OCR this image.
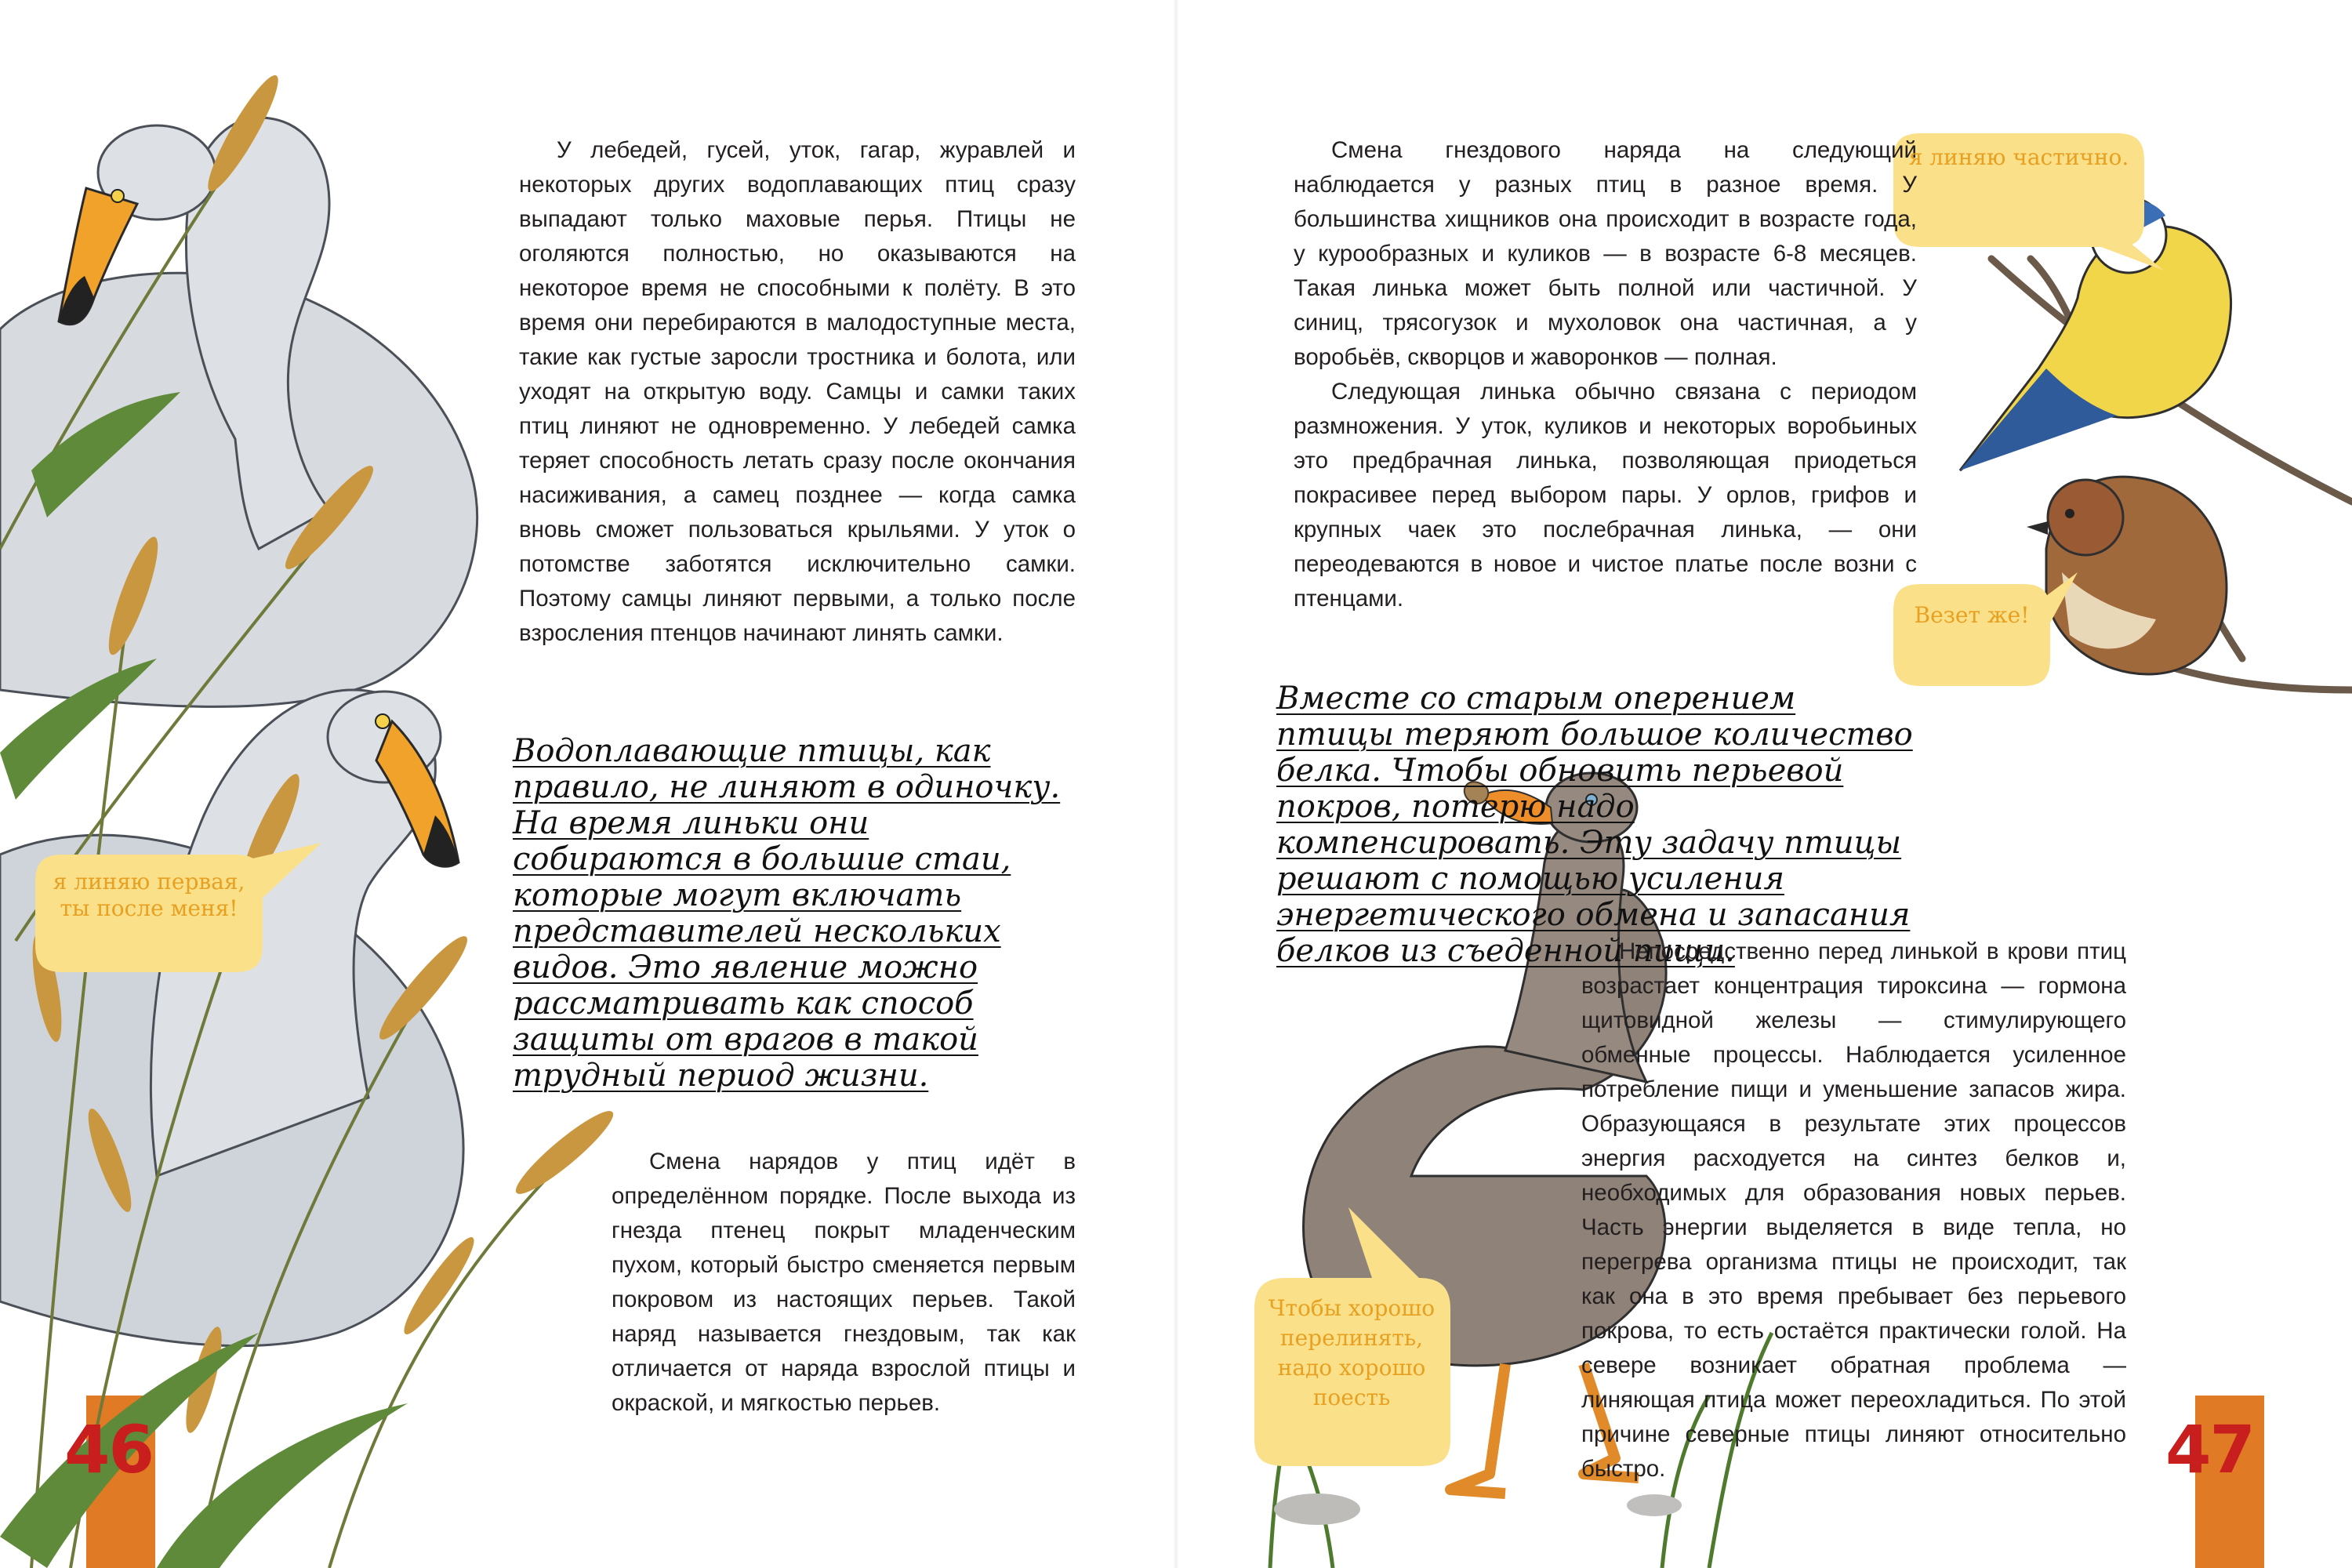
я линяю первая, ты после меня!

У лебедей, гусей, уток, гагар, журавлей и некоторых других водоплавающих птиц сразу выпадают только маховые перья. Птицы не оголяются полностью, но оказываются на некоторое время не способными к полёту. В это время они перебираются в малодоступные места, такие как густые заросли тростника и болота, или уходят на открытую воду. Самцы и самки таких птиц линяют не одновременно. У лебедей самка теряет способность летать сразу после окончания насиживания, а самец позднее — когда самка вновь сможет пользоваться крыльями. У уток о потомстве заботятся исключительно самки. Поэтому самцы линяют первыми, а только после взросления птенцов начинают линять самки.

Водоплавающие птицы, как правило, не линяют в одиночку. На время линьки они собираются в большие стаи, которые могут включать представителей нескольких видов. Это явление можно рассматривать как способ защиты от врагов в такой трудный период жизни.

Смена нарядов у птиц идёт в определённом порядке. После выхода из гнезда птенец покрыт младенческим пухом, который быстро сменяется первым покровом из настоящих перьев. Такой наряд называется гнездовым, так как отличается от наряда взрослой птицы и окраской, и мягкостью перьев.

46

Смена гнездового наряда на следующий наблюдается у разных птиц в разное время. У большинства хищников она происходит в возрасте года, у курообразных и куликов — в возрасте 6-8 месяцев. Такая линька может быть полной или частичной. У синиц, трясогузок и мухоловок она частичная, а у воробьёв, скворцов и жаворонков — полная.

Следующая линька обычно связана с периодом размножения. У уток, куликов и некоторых воробьиных это предбрачная линька, позволяющая приодеться покрасивее перед выбором пары. У орлов, грифов и крупных чаек это послебрачная линька, — они переодеваются в новое и чистое платье после возни с птенцами.

Вместе со старым оперением птицы теряют большое количество белка. Чтобы обновить перьевой покров, потерю надо компенсировать. Эту задачу птицы решают с помощью усиления энергетического обмена и запасания белков из съеденной пищи.

Непосредственно перед линькой в крови птиц возрастает концентрация тироксина — гормона щитовидной железы — стимулирующего обменные процессы. Наблюдается усиленное потребление пищи и уменьшение запасов жира. Образующаяся в результате этих процессов энергия расходуется на синтез белков и, необходимых для образования новых перьев. Часть энергии выделяется в виде тепла, но перегрева организма птицы не происходит, так как она в это время пребывает без перьевого покрова, то есть остаётся практически голой. На севере возникает обратная проблема — линяющая птица может переохладиться. По этой причине северные птицы линяют относительно быстро.

я линяю частично.
Везет же!
Чтобы хорошо перелинять, надо хорошо поесть
47
